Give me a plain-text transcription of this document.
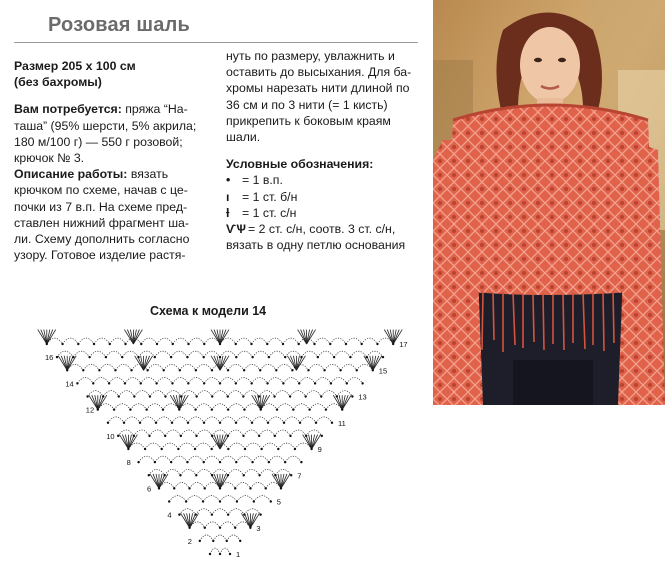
Розовая шаль

Размер 205 х 100 см

(без бахромы)

Вам потребуется: пряжа “На-

таша” (95% шерсти, 5% акрила;

180 м/100 г) — 550 г розовой;

крючок № 3.

Описание работы: вязать

крючком по схеме, начав с це-

почки из 7 в.п. На схеме пред-

ставлен нижний фрагмент ша-

ли. Схему дополнить согласно

узору. Готовое изделие растя-

нуть по размеру, увлажнить и

оставить до высыхания. Для ба-

хромы нарезать нити длиной по

36 см и по 3 нити (= 1 кисть)

прикрепить к боковым краям

шали.

Условные обозначения:

• = 1 в.п.

ı	= 1 ст. б/н

ƚ	= 1 ст. с/н

ѴѰ = 2 ст. с/н, соотв. 3 ст. с/н,

вязать в одну петлю основания

Схема к модели 14
1
2
3
4
5
6
7
8
9
10
11
12
13
14
15
16
17
